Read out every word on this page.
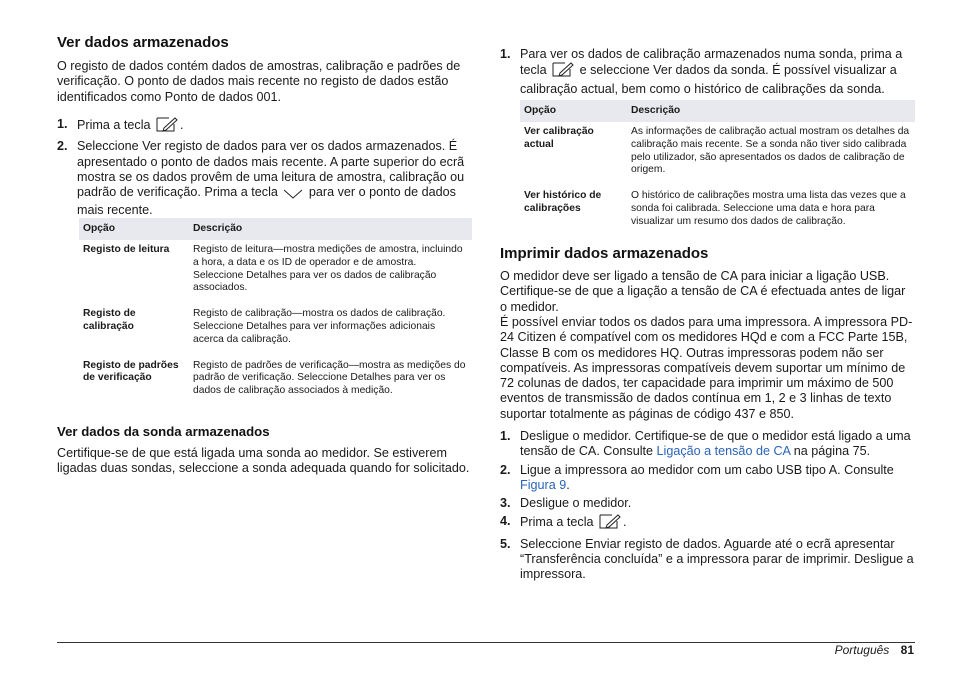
Ver dados armazenados

O registo de dados contém dados de amostras, calibração e padrões de verificação. O ponto de dados mais recente no registo de dados estão identificados como Ponto de dados 001.

1. Prima a tecla .
2. Seleccione Ver registo de dados para ver os dados armazenados. É apresentado o ponto de dados mais recente. A parte superior do ecrã mostra se os dados provêm de uma leitura de amostra, calibração ou padrão de verificação. Prima a tecla para ver o ponto de dados mais recente.
Opção	Descrição
Registo de leitura	Registo de leitura—mostra medições de amostra, incluindo a hora, a data e os ID de operador e de amostra. Seleccione Detalhes para ver os dados de calibração associados.
Registo de calibração	Registo de calibração—mostra os dados de calibração. Seleccione Detalhes para ver informações adicionais acerca da calibração.
Registo de padrões de verificação	Registo de padrões de verificação—mostra as medições do padrão de verificação. Seleccione Detalhes para ver os dados de calibração associados à medição.
Ver dados da sonda armazenados

Certifique-se de que está ligada uma sonda ao medidor. Se estiverem ligadas duas sondas, seleccione a sonda adequada quando for solicitado.

1. Para ver os dados de calibração armazenados numa sonda, prima a tecla	e seleccione Ver dados da sonda. É possível visualizar a calibração actual, bem como o histórico de calibrações da sonda.
Opção	Descrição
Ver calibração actual	As informações de calibração actual mostram os detalhes da calibração mais recente. Se a sonda não tiver sido calibrada pelo utilizador, são apresentados os dados de calibração de origem.
Ver histórico de calibrações	O histórico de calibrações mostra uma lista das vezes que a sonda foi calibrada. Seleccione uma data e hora para visualizar um resumo dos dados de calibração.
Imprimir dados armazenados

O medidor deve ser ligado a tensão de CA para iniciar a ligação USB. Certifique-se de que a ligação a tensão de CA é efectuada antes de ligar o medidor.

É possível enviar todos os dados para uma impressora. A impressora PD-24 Citizen é compatível com os medidores HQd e com a FCC Parte 15B, Classe B com os medidores HQ. Outras impressoras podem não ser compatíveis. As impressoras compatíveis devem suportar um mínimo de 72 colunas de dados, ter capacidade para imprimir um máximo de 500 eventos de transmissão de dados contínua em 1, 2 e 3 linhas de texto suportar totalmente as páginas de código 437 e 850.

1. Desligue o medidor. Certifique-se de que o medidor está ligado a uma tensão de CA. Consulte Ligação a tensão de CA na página 75.
2. Ligue a impressora ao medidor com um cabo USB tipo A. Consulte Figura 9.
3. Desligue o medidor.
4. Prima a tecla .
5. Seleccione Enviar registo de dados. Aguarde até o ecrã apresentar “Transferência concluída” e a impressora parar de imprimir. Desligue a impressora.
Português 81
